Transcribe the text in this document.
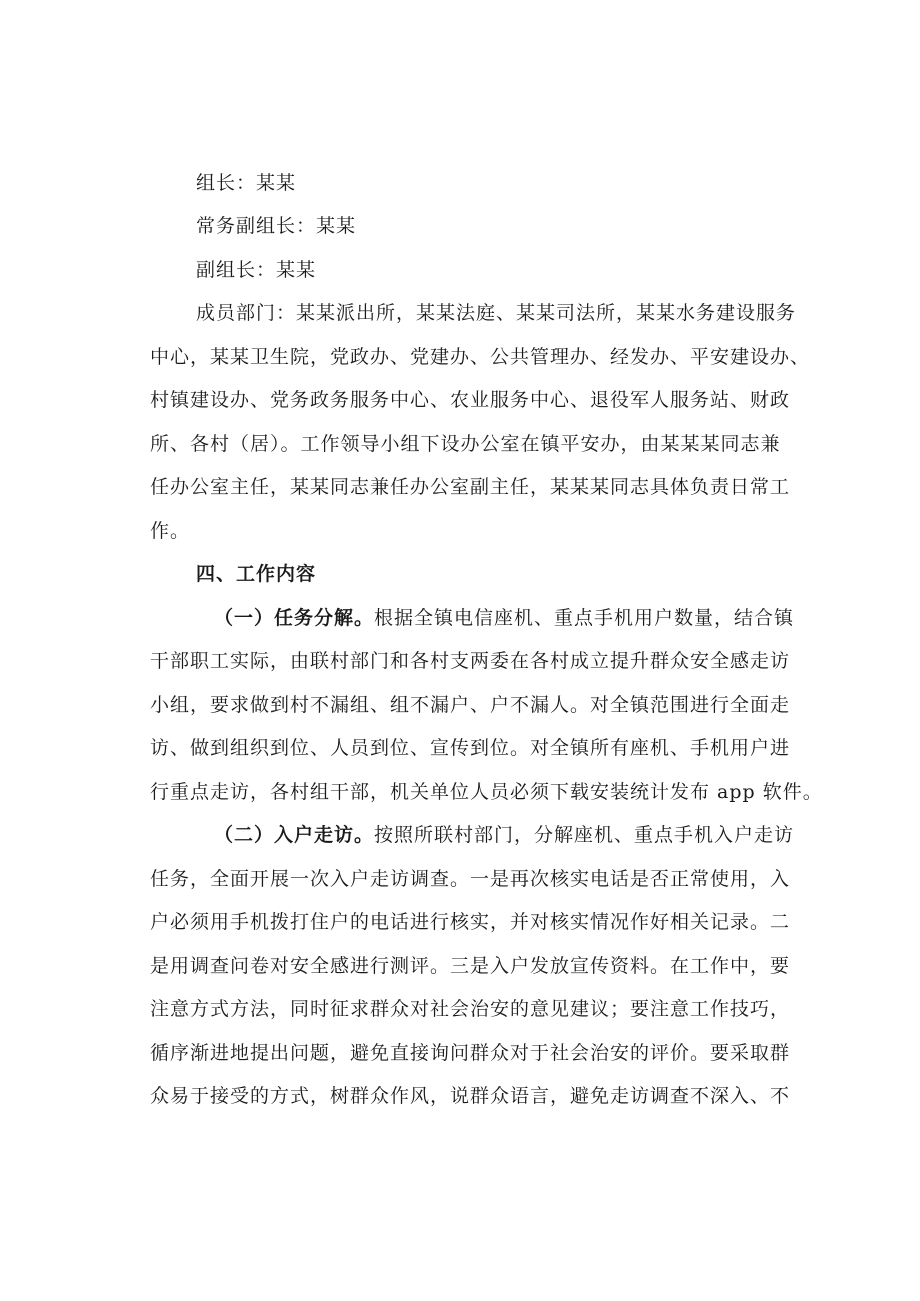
组长：某某
常务副组长：某某
副组长：某某
成员部门：某某派出所，某某法庭、某某司法所，某某水务建设服务
中心，某某卫生院，党政办、党建办、公共管理办、经发办、平安建设办、
村镇建设办、党务政务服务中心、农业服务中心、退役军人服务站、财政
所、各村（居）。工作领导小组下设办公室在镇平安办，由某某某同志兼
任办公室主任，某某同志兼任办公室副主任，某某某同志具体负责日常工
作。
四、工作内容
（一）任务分解。根据全镇电信座机、重点手机用户数量，结合镇
干部职工实际，由联村部门和各村支两委在各村成立提升群众安全感走访
小组，要求做到村不漏组、组不漏户、户不漏人。对全镇范围进行全面走
访、做到组织到位、人员到位、宣传到位。对全镇所有座机、手机用户进
行重点走访，各村组干部，机关单位人员必须下载安装统计发布 app 软件。
（二）入户走访。按照所联村部门，分解座机、重点手机入户走访
任务，全面开展一次入户走访调查。一是再次核实电话是否正常使用，入
户必须用手机拨打住户的电话进行核实，并对核实情况作好相关记录。二
是用调查问卷对安全感进行测评。三是入户发放宣传资料。在工作中，要
注意方式方法，同时征求群众对社会治安的意见建议；要注意工作技巧，
循序渐进地提出问题，避免直接询问群众对于社会治安的评价。要采取群
众易于接受的方式，树群众作风，说群众语言，避免走访调查不深入、不
